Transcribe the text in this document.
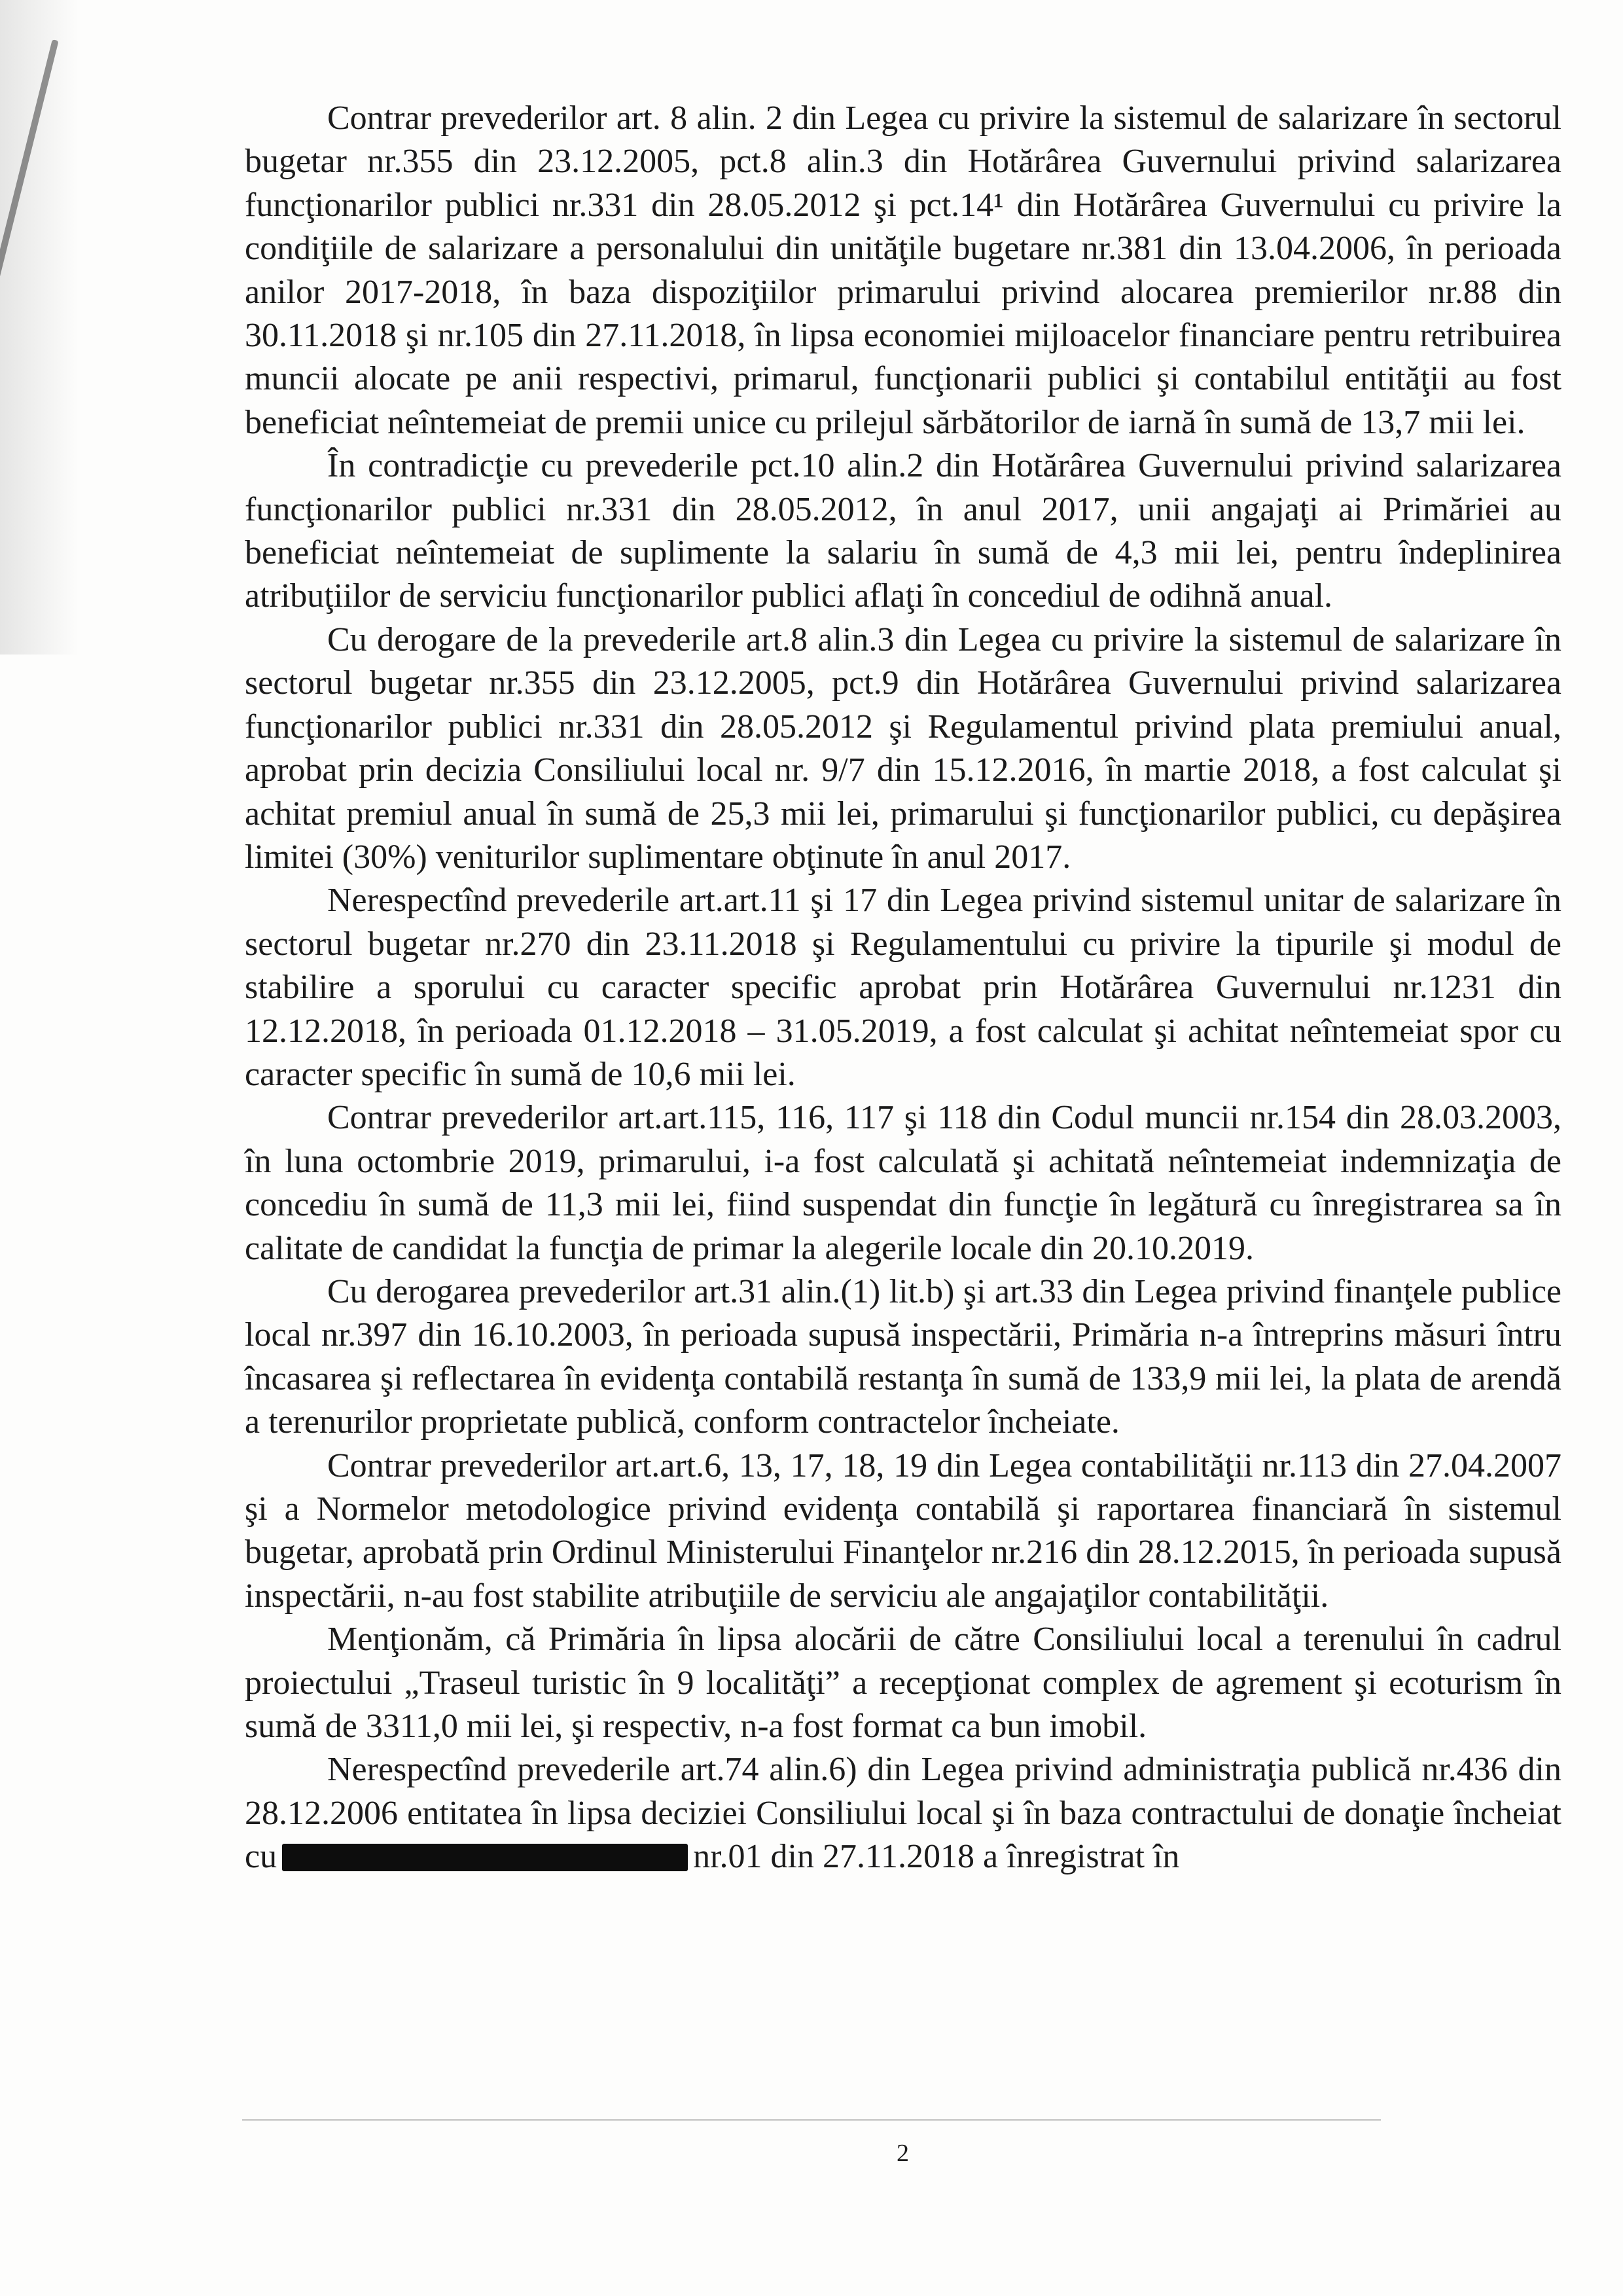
Contrar prevederilor art. 8 alin. 2 din Legea cu privire la sistemul de salarizare în sectorul bugetar nr.355 din 23.12.2005, pct.8 alin.3 din Hotărârea Guvernului privind salarizarea funcţionarilor publici nr.331 din 28.05.2012 şi pct.14¹ din Hotărârea Guvernului cu privire la condiţiile de salarizare a personalului din unităţile bugetare nr.381 din 13.04.2006, în perioada anilor 2017-2018, în baza dispoziţiilor primarului privind alocarea premierilor nr.88 din 30.11.2018 şi nr.105 din 27.11.2018, în lipsa economiei mijloacelor financiare pentru retribuirea muncii alocate pe anii respectivi, primarul, funcţionarii publici şi contabilul entităţii au fost beneficiat neîntemeiat de premii unice cu prilejul sărbătorilor de iarnă în sumă de 13,7 mii lei.

În contradicţie cu prevederile pct.10 alin.2 din Hotărârea Guvernului privind salarizarea funcţionarilor publici nr.331 din 28.05.2012, în anul 2017, unii angajaţi ai Primăriei au beneficiat neîntemeiat de suplimente la salariu în sumă de 4,3 mii lei, pentru îndeplinirea atribuţiilor de serviciu funcţionarilor publici aflaţi în concediul de odihnă anual.

Cu derogare de la prevederile art.8 alin.3 din Legea cu privire la sistemul de salarizare în sectorul bugetar nr.355 din 23.12.2005, pct.9 din Hotărârea Guvernului privind salarizarea funcţionarilor publici nr.331 din 28.05.2012 şi Regulamentul privind plata premiului anual, aprobat prin decizia Consiliului local nr. 9/7 din 15.12.2016, în martie 2018, a fost calculat şi achitat premiul anual în sumă de 25,3 mii lei, primarului şi funcţionarilor publici, cu depăşirea limitei (30%) veniturilor suplimentare obţinute în anul 2017.

Nerespectînd prevederile art.art.11 şi 17 din Legea privind sistemul unitar de salarizare în sectorul bugetar nr.270 din 23.11.2018 şi Regulamentului cu privire la tipurile şi modul de stabilire a sporului cu caracter specific aprobat prin Hotărârea Guvernului nr.1231 din 12.12.2018, în perioada 01.12.2018 – 31.05.2019, a fost calculat şi achitat neîntemeiat spor cu caracter specific în sumă de 10,6 mii lei.

Contrar prevederilor art.art.115, 116, 117 şi 118 din Codul muncii nr.154 din 28.03.2003, în luna octombrie 2019, primarului, i-a fost calculată şi achitată neîntemeiat indemnizaţia de concediu în sumă de 11,3 mii lei, fiind suspendat din funcţie în legătură cu înregistrarea sa în calitate de candidat la funcţia de primar la alegerile locale din 20.10.2019.

Cu derogarea prevederilor art.31 alin.(1) lit.b) şi art.33 din Legea privind finanţele publice local nr.397 din 16.10.2003, în perioada supusă inspectării, Primăria n-a întreprins măsuri întru încasarea şi reflectarea în evidenţa contabilă restanţa în sumă de 133,9 mii lei, la plata de arendă a terenurilor proprietate publică, conform contractelor încheiate.

Contrar prevederilor art.art.6, 13, 17, 18, 19 din Legea contabilităţii nr.113 din 27.04.2007 şi a Normelor metodologice privind evidenţa contabilă şi raportarea financiară în sistemul bugetar, aprobată prin Ordinul Ministerului Finanţelor nr.216 din 28.12.2015, în perioada supusă inspectării, n-au fost stabilite atribuţiile de serviciu ale angajaţilor contabilităţii.

Menţionăm, că Primăria în lipsa alocării de către Consiliului local a terenului în cadrul proiectului „Traseul turistic în 9 localităţi” a recepţionat complex de agrement şi ecoturism în sumă de 3311,0 mii lei, şi respectiv, n-a fost format ca bun imobil.

Nerespectînd prevederile art.74 alin.6) din Legea privind administraţia publică nr.436 din 28.12.2006 entitatea în lipsa deciziei Consiliului local şi în baza contractului de donaţie încheiat cu	nr.01 din 27.11.2018 a înregistrat în

2
